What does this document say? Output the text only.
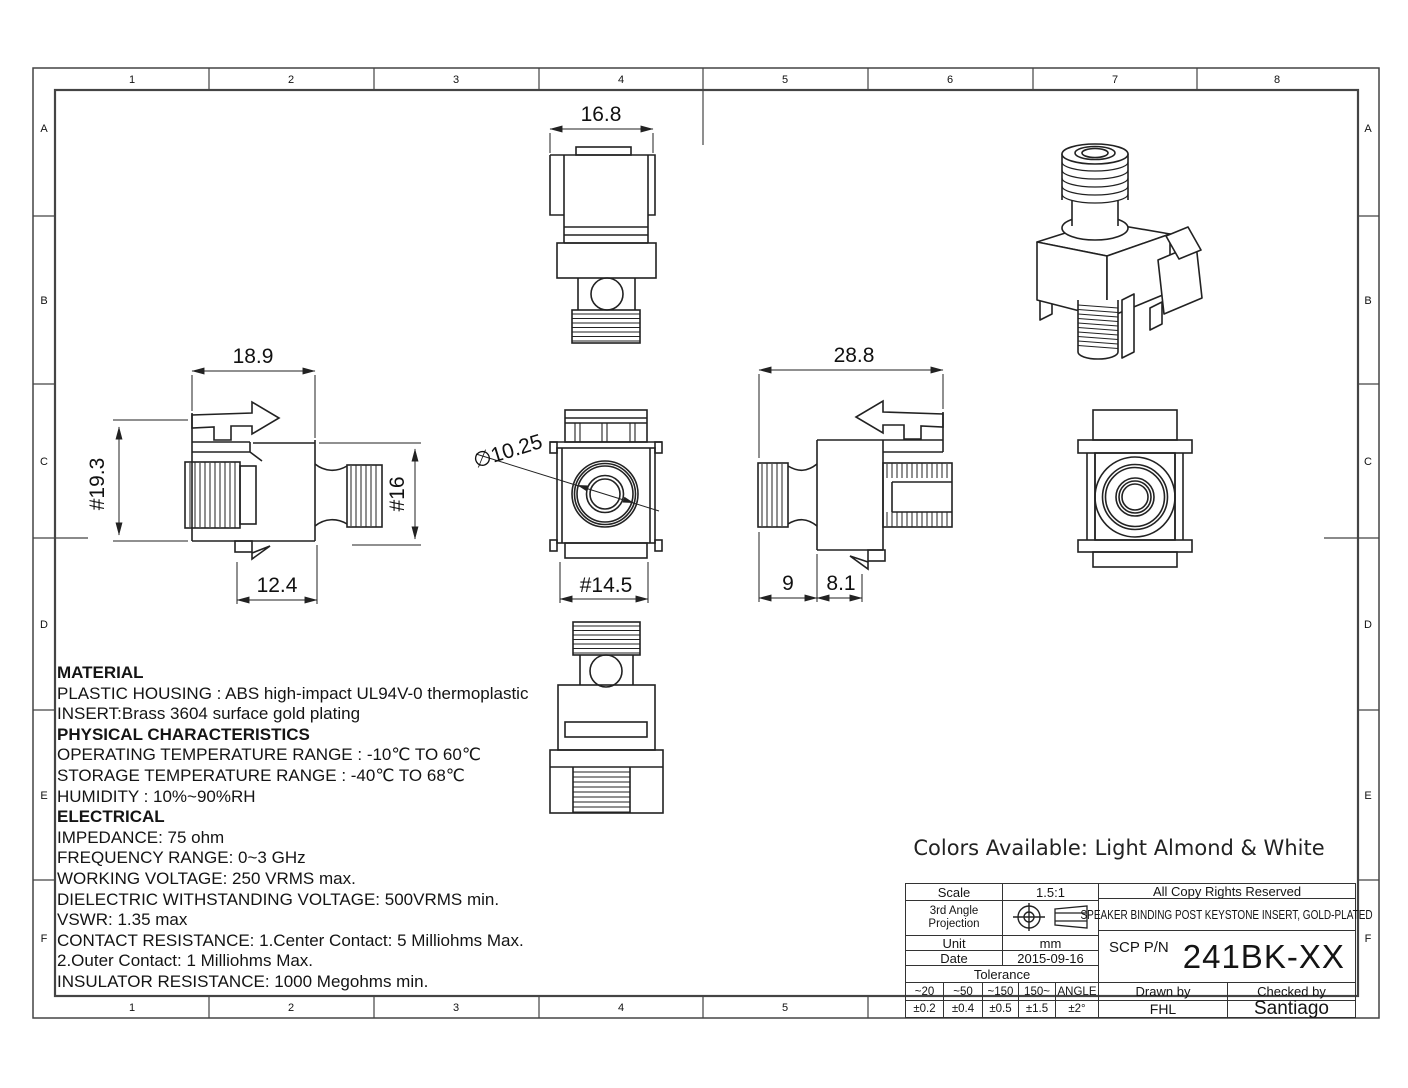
1	2	3	4	5	6	7	8
1	2	3	4	5
A
B
C
D
E
F
A
B
C
D
E
F
16.8
18.9
#19.3	#16
12.4
∅10.25
#14.5
28.8
9 8.1
MATERIAL
PLASTIC HOUSING : ABS high-impact UL94V-0 thermoplastic
INSERT:Brass 3604 surface gold plating
PHYSICAL CHARACTERISTICS
OPERATING TEMPERATURE RANGE : -10℃ TO 60℃
STORAGE TEMPERATURE RANGE : -40℃ TO 68℃
HUMIDITY : 10%~90%RH
ELECTRICAL
IMPEDANCE: 75 ohm
FREQUENCY RANGE: 0~3 GHz
WORKING VOLTAGE: 250 VRMS max.
DIELECTRIC WITHSTANDING VOLTAGE: 500VRMS min.
VSWR: 1.35 max
CONTACT RESISTANCE: 1.Center Contact: 5 Milliohms Max.
2.Outer Contact: 1 Milliohms Max.
INSULATOR RESISTANCE: 1000 Megohms min.
Colors Available: Light Almond & White
Scale	1.5:1
3rd Angle Projection
Unit	mm
Date	2015-09-16
Tolerance
~20	~50	~150 150~ ANGLE
±0.2	±0.4	±0.5	±1.5	±2°
All Copy Rights Reserved
SPEAKER BINDING POST KEYSTONE INSERT, GOLD-PLATED
SCP P/N 241BK-XX
Drawn by	Checked by
FHL	Santiago
